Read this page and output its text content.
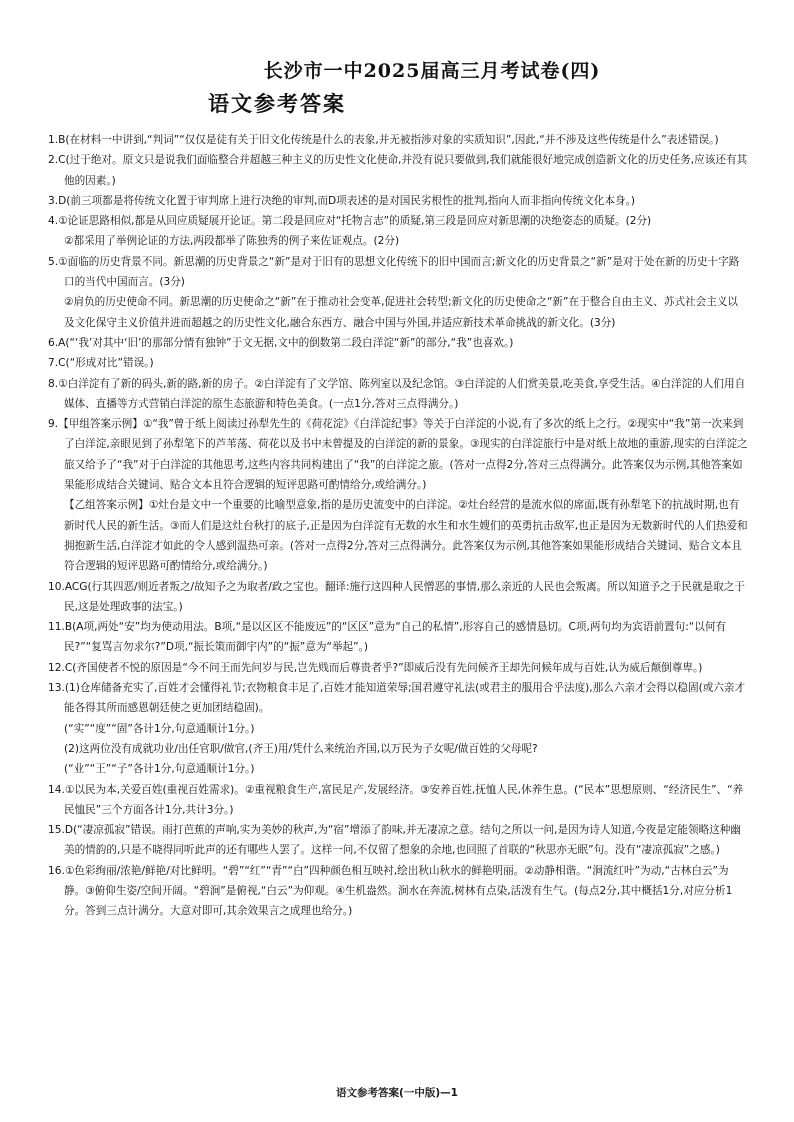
长沙市一中2025届高三月考试卷(四)
语文参考答案

1.B(在材料一中讲到,“判词”“仅仅是徒有关于旧文化传统是什么的表象,并无被指涉对象的实质知识”,因此,“并不涉及这些传统是什么”表述错误。)

2.C(过于绝对。原文只是说我们面临整合并超越三种主义的历史性文化使命,并没有说只要做到,我们就能很好地完成创造新文化的历史任务,应该还有其他的因素。)

3.D(前三项都是将传统文化置于审判席上进行决绝的审判,而D项表述的是对国民劣根性的批判,指向人而非指向传统文化本身。)

4.①论证思路相似,都是从回应质疑展开论证。第二段是回应对“托物言志”的质疑,第三段是回应对新思潮的决绝姿态的质疑。(2分)

②都采用了举例论证的方法,两段都举了陈独秀的例子来佐证观点。(2分)

5.①面临的历史背景不同。新思潮的历史背景之“新”是对于旧有的思想文化传统下的旧中国而言;新文化的历史背景之“新”是对于处在新的历史十字路口的当代中国而言。(3分)

②肩负的历史使命不同。新思潮的历史使命之“新”在于推动社会变革,促进社会转型;新文化的历史使命之“新”在于整合自由主义、苏式社会主义以及文化保守主义价值并进而超越之的历史性文化,融合东西方、融合中国与外国,并适应新技术革命挑战的新文化。(3分)

6.A(“‘我’对其中‘旧’的那部分情有独钟”于文无据,文中的倒数第二段白洋淀“新”的部分,“我”也喜欢。)

7.C(“形成对比”错误。)

8.①白洋淀有了新的码头,新的路,新的房子。②白洋淀有了文学馆、陈列室以及纪念馆。③白洋淀的人们赏美景,吃美食,享受生活。④白洋淀的人们用自媒体、直播等方式营销白洋淀的原生态旅游和特色美食。(一点1分,答对三点得满分。)

9.【甲组答案示例】①“我”曾于纸上阅读过孙犁先生的《荷花淀》《白洋淀纪事》等关于白洋淀的小说,有了多次的纸上之行。②现实中“我”第一次来到了白洋淀,亲眼见到了孙犁笔下的芦苇荡、荷花以及书中未曾提及的白洋淀的新的景象。③现实的白洋淀旅行中是对纸上故地的重游,现实的白洋淀之旅又给予了“我”对于白洋淀的其他思考,这些内容共同构建出了“我”的白洋淀之旅。(答对一点得2分,答对三点得满分。此答案仅为示例,其他答案如果能形成结合关键词、贴合文本且符合逻辑的短评思路可酌情给分,或给满分。)

【乙组答案示例】①灶台是文中一个重要的比喻型意象,指的是历史流变中的白洋淀。②灶台经营的是流水似的席面,既有孙犁笔下的抗战时期,也有新时代人民的新生活。③而人们是这灶台秋打的底子,正是因为白洋淀有无数的水生和水生嫂们的英勇抗击敌军,也正是因为无数新时代的人们热爱和拥抱新生活,白洋淀才如此的令人感到温热可亲。(答对一点得2分,答对三点得满分。此答案仅为示例,其他答案如果能形成结合关键词、贴合文本且符合逻辑的短评思路可酌情给分,或给满分。)

10.ACG(行其四恶/则近者叛之/故知予之为取者/政之宝也。翻译:施行这四种人民憎恶的事情,那么亲近的人民也会叛离。所以知道予之于民就是取之于民,这是处理政事的法宝。)

11.B(A项,两处“安”均为使动用法。B项,“是以区区不能废远”的“区区”意为“自己的私情”,形容自己的感情恳切。C项,两句均为宾语前置句:“以何有民?”“复骂言勿求尔?”D项,“振长策而御宇内”的“振”意为“举起”。)

12.C(齐国使者不悦的原因是“今不问王而先问岁与民,岂先贱而后尊贵者乎?”即威后没有先问候齐王却先问候年成与百姓,认为威后颠倒尊卑。)

13.(1)仓库储备充实了,百姓才会懂得礼节;衣物粮食丰足了,百姓才能知道荣辱;国君遵守礼法(或君主的服用合乎法度),那么六亲才会得以稳固(或六亲才能各得其所而感恩朝廷使之更加团结稳固)。

(“实”“度”“固”各计1分,句意通顺计1分。)

(2)这两位没有成就功业/出任官职/做官,(齐王)用/凭什么来统治齐国,以万民为子女呢/做百姓的父母呢?

(“业”“王”“子”各计1分,句意通顺计1分。)

14.①以民为本,关爱百姓(重视百姓需求)。②重视粮食生产,富民足产,发展经济。③安养百姓,抚恤人民,休养生息。(“民本”思想原则、“经济民生”、“养民恤民”三个方面各计1分,共计3分。)

15.D(“凄凉孤寂”错误。雨打芭蕉的声响,实为美妙的秋声,为“宿”增添了韵味,并无凄凉之意。结句之所以一问,是因为诗人知道,今夜是定能领略这种幽美的情韵的,只是不晓得同听此声的还有哪些人罢了。这样一问,不仅留了想象的余地,也回照了首联的“秋思亦无眠”句。没有“凄凉孤寂”之感。)

16.①色彩绚丽/浓艳/鲜艳/对比鲜明。“碧”“红”“青”“白”四种颜色相互映衬,绘出秋山秋水的鲜艳明丽。②动静相谐。“涧流红叶”为动,“古林白云”为静。③俯仰生姿/空间开阔。“碧涧”是俯视,“白云”为仰观。④生机盎然。涧水在奔流,树林有点染,活泼有生气。(每点2分,其中概括1分,对应分析1分。答到三点计满分。大意对即可,其余效果言之成理也给分。)

语文参考答案(一中版)—1
